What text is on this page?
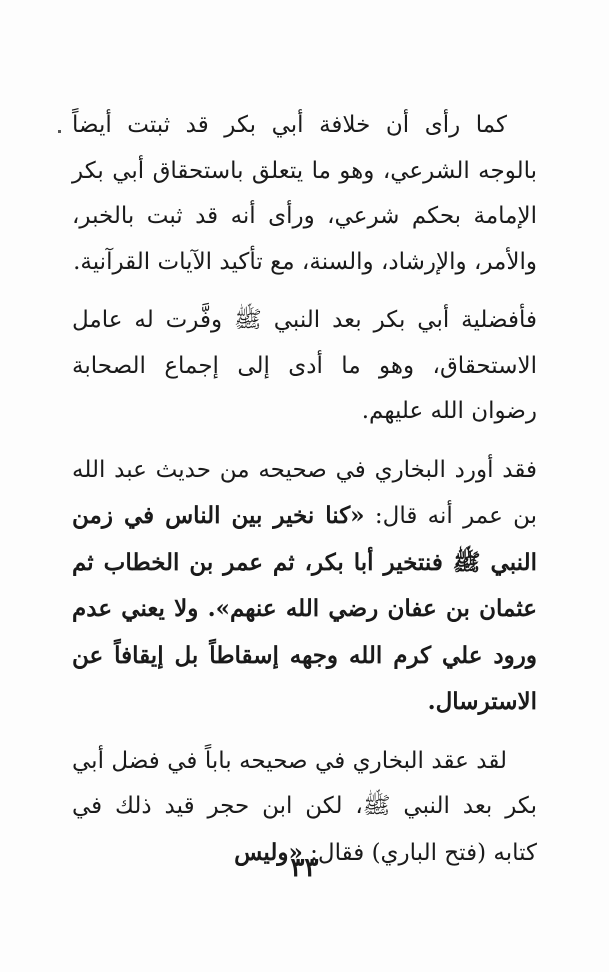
كما رأى أن خلافة أبي بكر قد ثبتت أيضاً بالوجه الشرعي، وهو ما يتعلق باستحقاق أبي بكر الإمامة بحكم شرعي، ورأى أنه قد ثبت بالخبر، والأمر، والإرشاد، والسنة، مع تأكيد الآيات القرآنية.

فأفضلية أبي بكر بعد النبي ﷺ وفَّرت له عامل الاستحقاق، وهو ما أدى إلى إجماع الصحابة رضوان الله عليهم.

فقد أورد البخاري في صحيحه من حديث عبد الله بن عمر أنه قال: «كنا نخير بين الناس في زمن النبي ﷺ فنتخير أبا بكر، ثم عمر بن الخطاب ثم عثمان بن عفان رضي الله عنهم». ولا يعني عدم ورود علي كرم الله وجهه إسقاطاً بل إيقافاً عن الاسترسال.

لقد عقد البخاري في صحيحه باباً في فضل أبي بكر بعد النبي ﷺ، لكن ابن حجر قيد ذلك في كتابه (فتح الباري) فقال: «وليس

٣٣
